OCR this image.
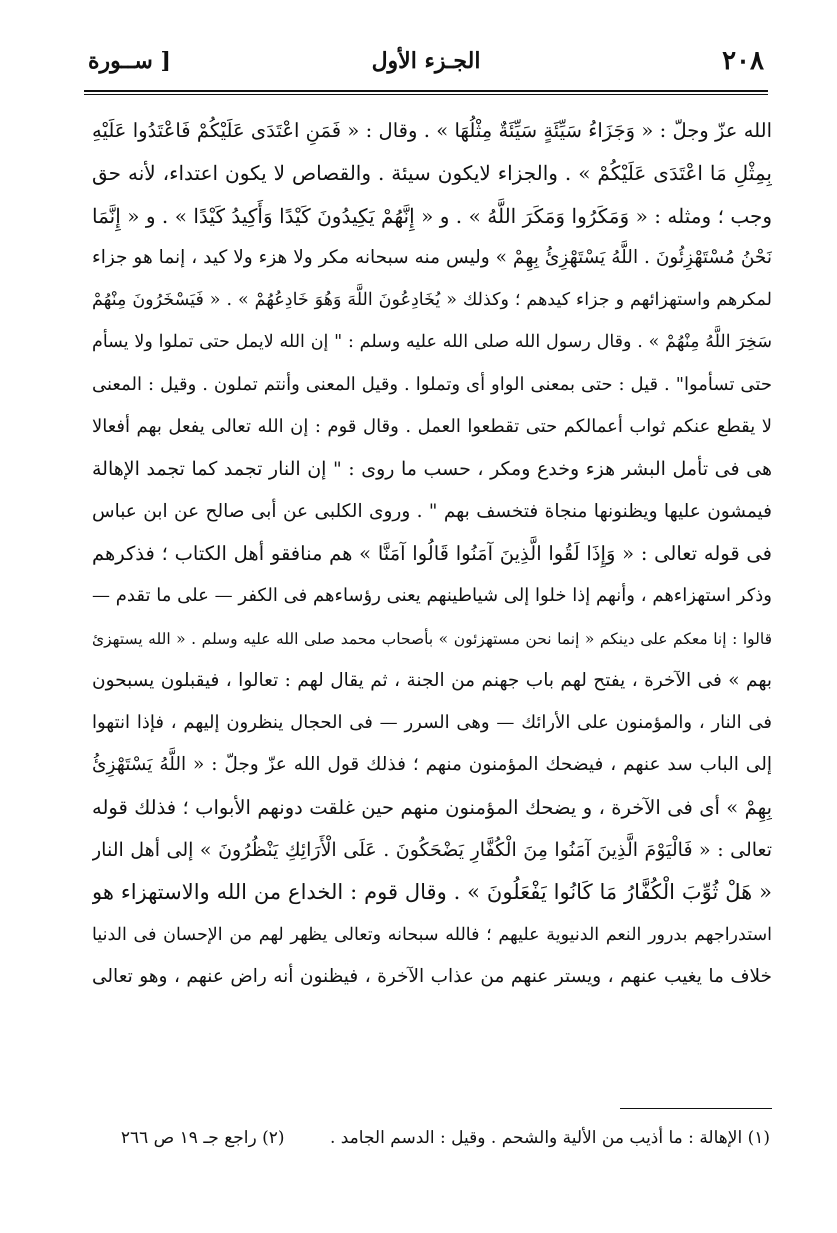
٢٠٨
الجـزء الأول
[ ســورة
الله عزّ وجلّ : « وَجَزَاءُ سَيِّئَةٍ سَيِّئَةٌ مِثْلُهَا » . وقال : « فَمَنِ اعْتَدَى عَلَيْكُمْ فَاعْتَدُوا عَلَيْهِ
بِمِثْلِ مَا اعْتَدَى عَلَيْكُمْ » . والجزاء لايكون سيئة . والقصاص لا يكون اعتداء، لأنه حق
وجب ؛ ومثله : « وَمَكَرُوا وَمَكَرَ اللَّهُ » . و « إِنَّهُمْ يَكِيدُونَ كَيْدًا وَأَكِيدُ كَيْدًا » . و « إِنَّمَا
نَحْنُ مُسْتَهْزِئُونَ . اللَّهُ يَسْتَهْزِئُ بِهِمْ » وليس منه سبحانه مكر ولا هزء ولا كيد ، إنما هو جزاء
لمكرهم واستهزائهم و جزاء كيدهم ؛ وكذلك « يُخَادِعُونَ اللَّهَ وَهُوَ خَادِعُهُمْ » . « فَيَسْخَرُونَ مِنْهُمْ
سَخِرَ اللَّهُ مِنْهُمْ » . وقال رسول الله صلى الله عليه وسلم : " إن الله لايمل حتى تملوا ولا يسأم
حتى تسأموا" . قيل : حتى بمعنى الواو أى وتملوا . وقيل المعنى وأنتم تملون . وقيل : المعنى
لا يقطع عنكم ثواب أعمالكم حتى تقطعوا العمل . وقال قوم : إن الله تعالى يفعل بهم أفعالا
هى فى تأمل البشر هزء وخدع ومكر ، حسب ما روى : " إن النار تجمد كما تجمد الإهالة
فيمشون عليها ويظنونها منجاة فتخسف بهم " . وروى الكلبى عن أبى صالح عن ابن عباس
فى قوله تعالى : « وَإِذَا لَقُوا الَّذِينَ آمَنُوا قَالُوا آمَنَّا » هم منافقو أهل الكتاب ؛ فذكرهم
وذكر استهزاءهم ، وأنهم إذا خلوا إلى شياطينهم يعنى رؤساءهم فى الكفر — على ما تقدم —
قالوا : إنا معكم على دينكم « إنما نحن مستهزئون » بأصحاب محمد صلى الله عليه وسلم . « الله يستهزئ
بهم » فى الآخرة ، يفتح لهم باب جهنم من الجنة ، ثم يقال لهم : تعالوا ، فيقبلون يسبحون
فى النار ، والمؤمنون على الأرائك — وهى السرر — فى الحجال ينظرون إليهم ، فإذا انتهوا
إلى الباب سد عنهم ، فيضحك المؤمنون منهم ؛ فذلك قول الله عزّ وجلّ : « اللَّهُ يَسْتَهْزِئُ
بِهِمْ » أى فى الآخرة ، و يضحك المؤمنون منهم حين غلقت دونهم الأبواب ؛ فذلك قوله
تعالى : « فَالْيَوْمَ الَّذِينَ آمَنُوا مِنَ الْكُفَّارِ يَضْحَكُونَ . عَلَى الْأَرَائِكِ يَنْظُرُونَ » إلى أهل النار
« هَلْ ثُوِّبَ الْكُفَّارُ مَا كَانُوا يَفْعَلُونَ » . وقال قوم : الخداع من الله والاستهزاء هو
استدراجهم بدرور النعم الدنيوية عليهم ؛ فالله سبحانه وتعالى يظهر لهم من الإحسان فى الدنيا
خلاف ما يغيب عنهم ، ويستر عنهم من عذاب الآخرة ، فيظنون أنه راض عنهم ، وهو تعالى
(١) الإهالة : ما أذيب من الألية والشحم . وقيل : الدسم الجامد . (٢) راجع جـ ١٩ ص ٢٦٦
